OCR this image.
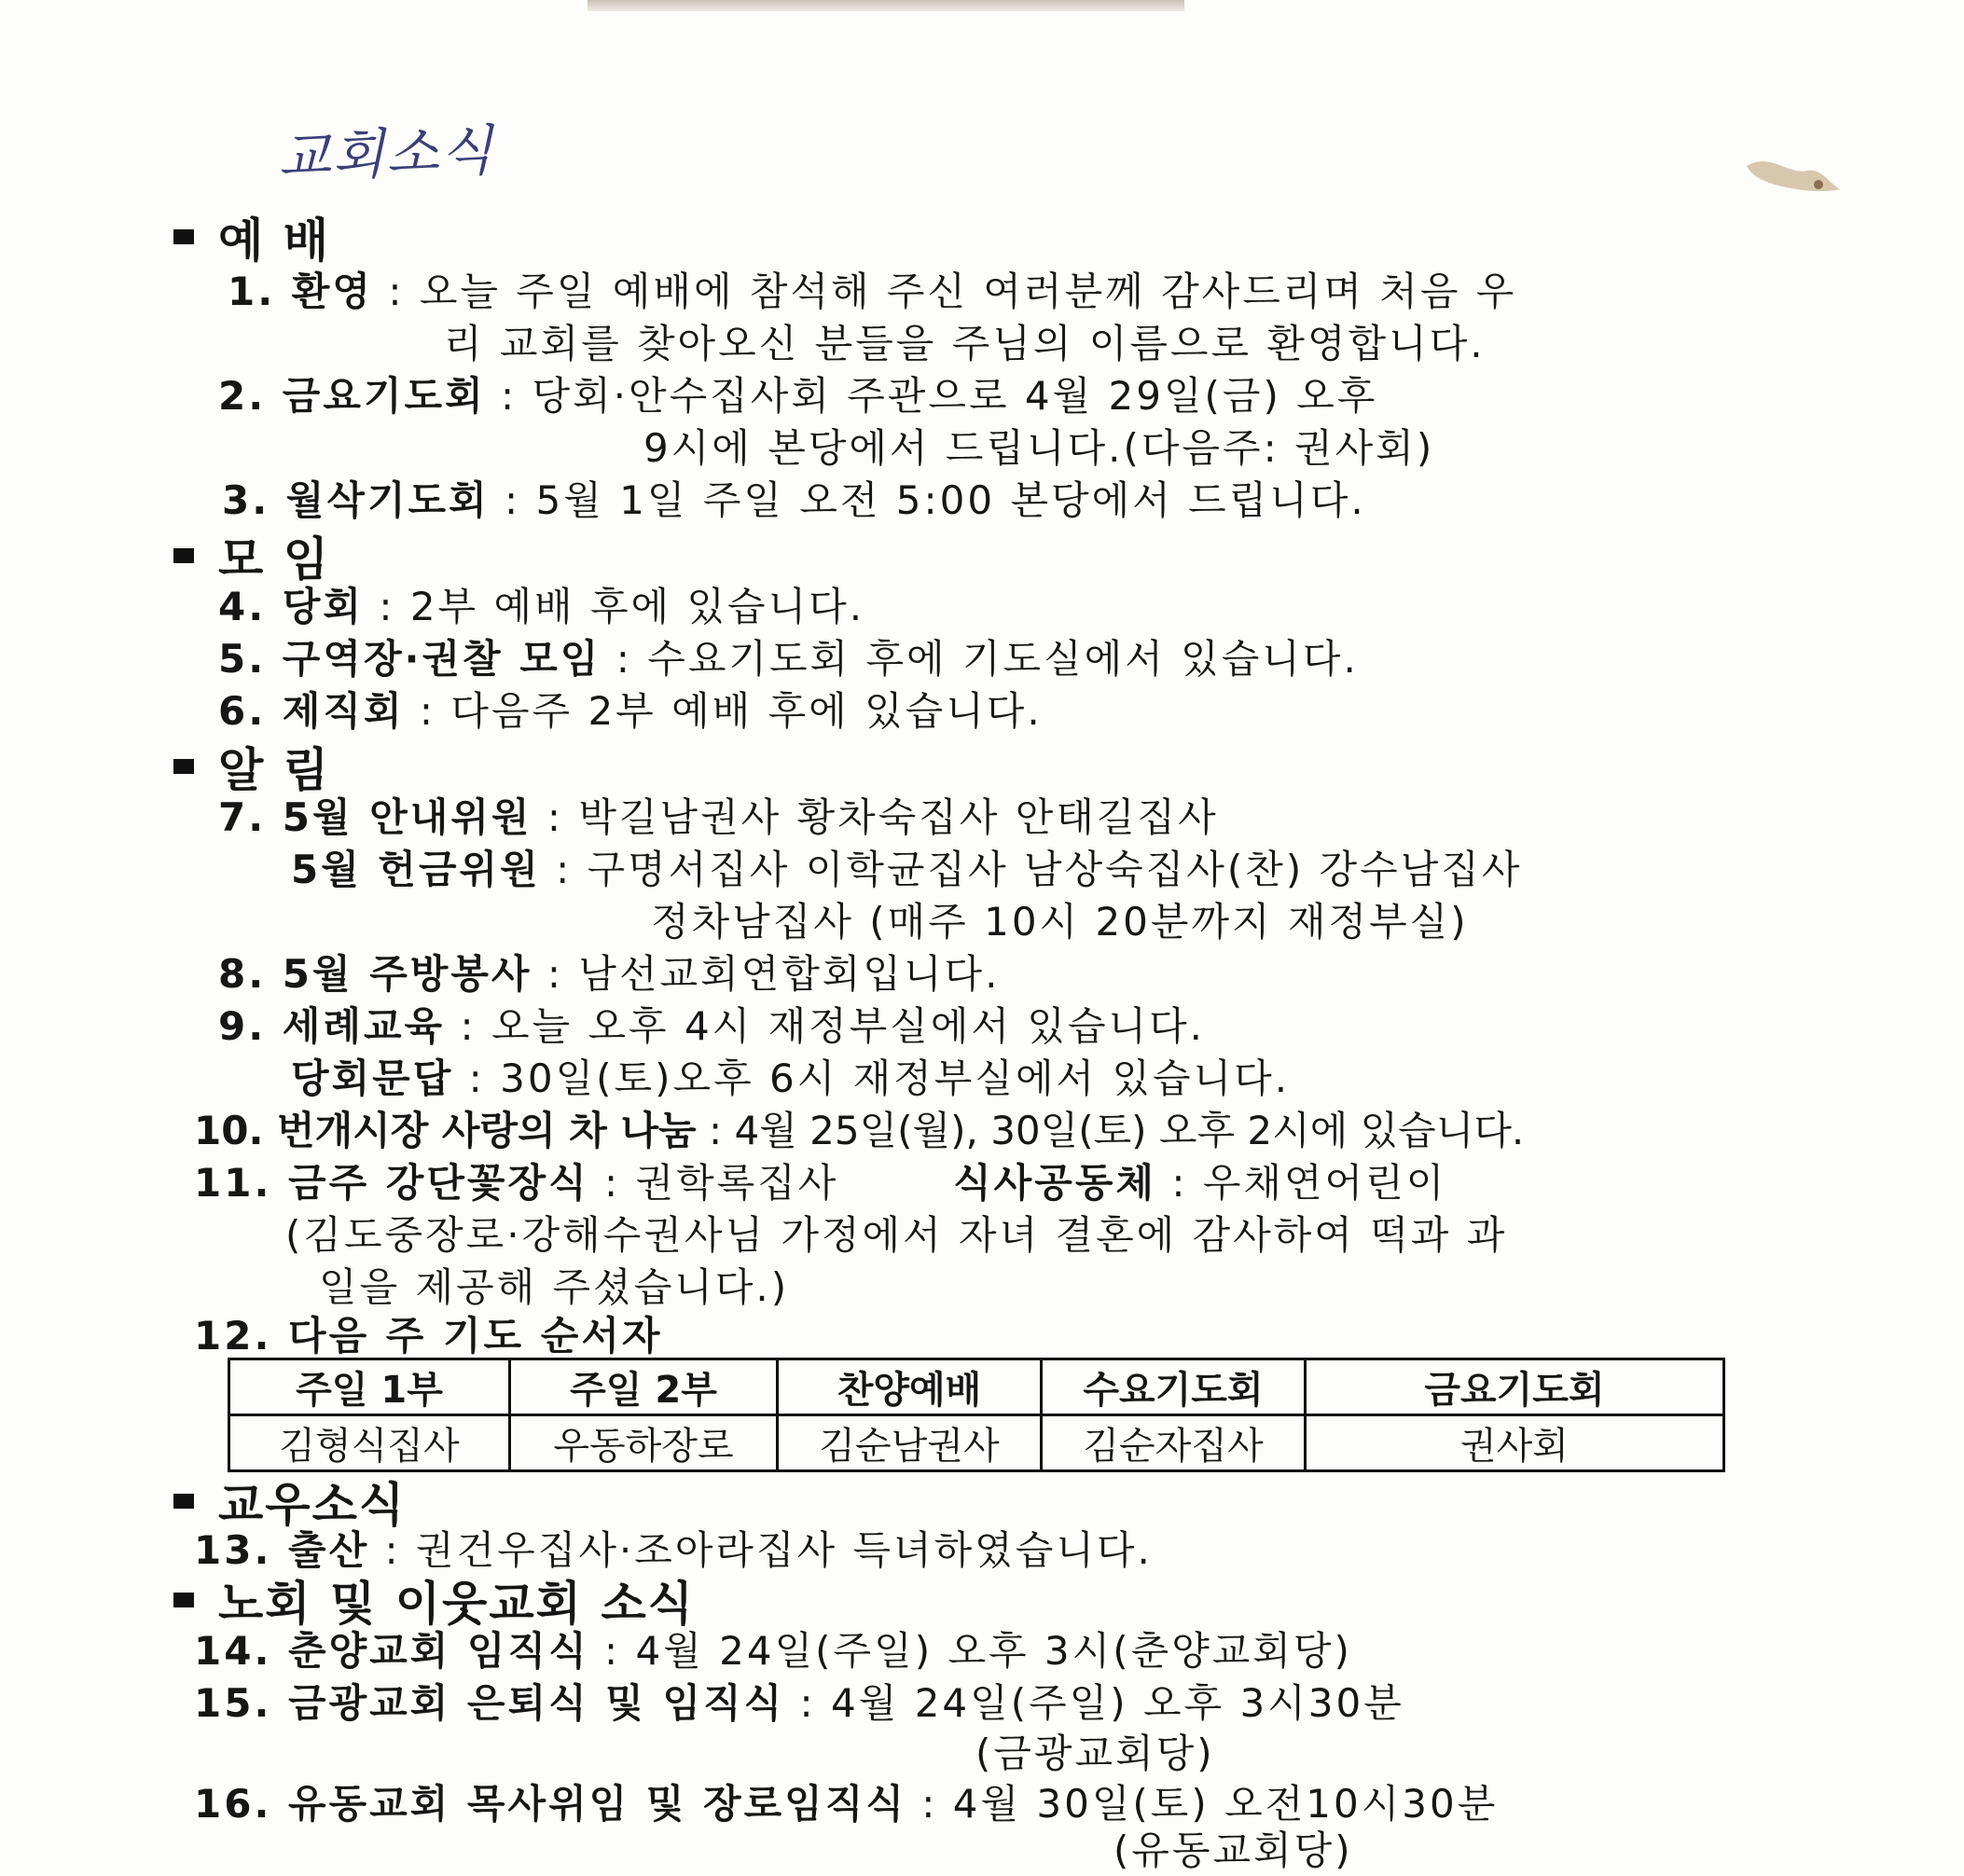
교회소식
예 배
1. 환영 : 오늘 주일 예배에 참석해 주신 여러분께 감사드리며 처음 우
리 교회를 찾아오신 분들을 주님의 이름으로 환영합니다.
2. 금요기도회 : 당회·안수집사회 주관으로 4월 29일(금) 오후
9시에 본당에서 드립니다.(다음주: 권사회)
3. 월삭기도회 : 5월 1일 주일 오전 5:00 본당에서 드립니다.
모 임
4. 당회 : 2부 예배 후에 있습니다.
5. 구역장·권찰 모임 : 수요기도회 후에 기도실에서 있습니다.
6. 제직회 : 다음주 2부 예배 후에 있습니다.
알 림
7. 5월 안내위원 : 박길남권사 황차숙집사 안태길집사
5월 헌금위원 : 구명서집사 이학균집사 남상숙집사(찬) 강수남집사
정차남집사 (매주 10시 20분까지 재정부실)
8. 5월 주방봉사 : 남선교회연합회입니다.
9. 세례교육 : 오늘 오후 4시 재정부실에서 있습니다.
당회문답 : 30일(토)오후 6시 재정부실에서 있습니다.
10. 번개시장 사랑의 차 나눔 : 4월 25일(월), 30일(토) 오후 2시에 있습니다.
11. 금주 강단꽃장식 : 권학록집사	식사공동체 : 우채연어린이
(김도중장로·강해수권사님 가정에서 자녀 결혼에 감사하여 떡과 과
일을 제공해 주셨습니다.)
12. 다음 주 기도 순서자
주일 1부	주일 2부	찬양예배	수요기도회	금요기도회
김형식집사	우동하장로	김순남권사	김순자집사	권사회
교우소식
13. 출산 : 권건우집사·조아라집사 득녀하였습니다.
노회 및 이웃교회 소식
14. 춘양교회 임직식 : 4월 24일(주일) 오후 3시(춘양교회당)
15. 금광교회 은퇴식 및 임직식 : 4월 24일(주일) 오후 3시30분
(금광교회당)
16. 유동교회 목사위임 및 장로임직식 : 4월 30일(토) 오전10시30분
(유동교회당)
